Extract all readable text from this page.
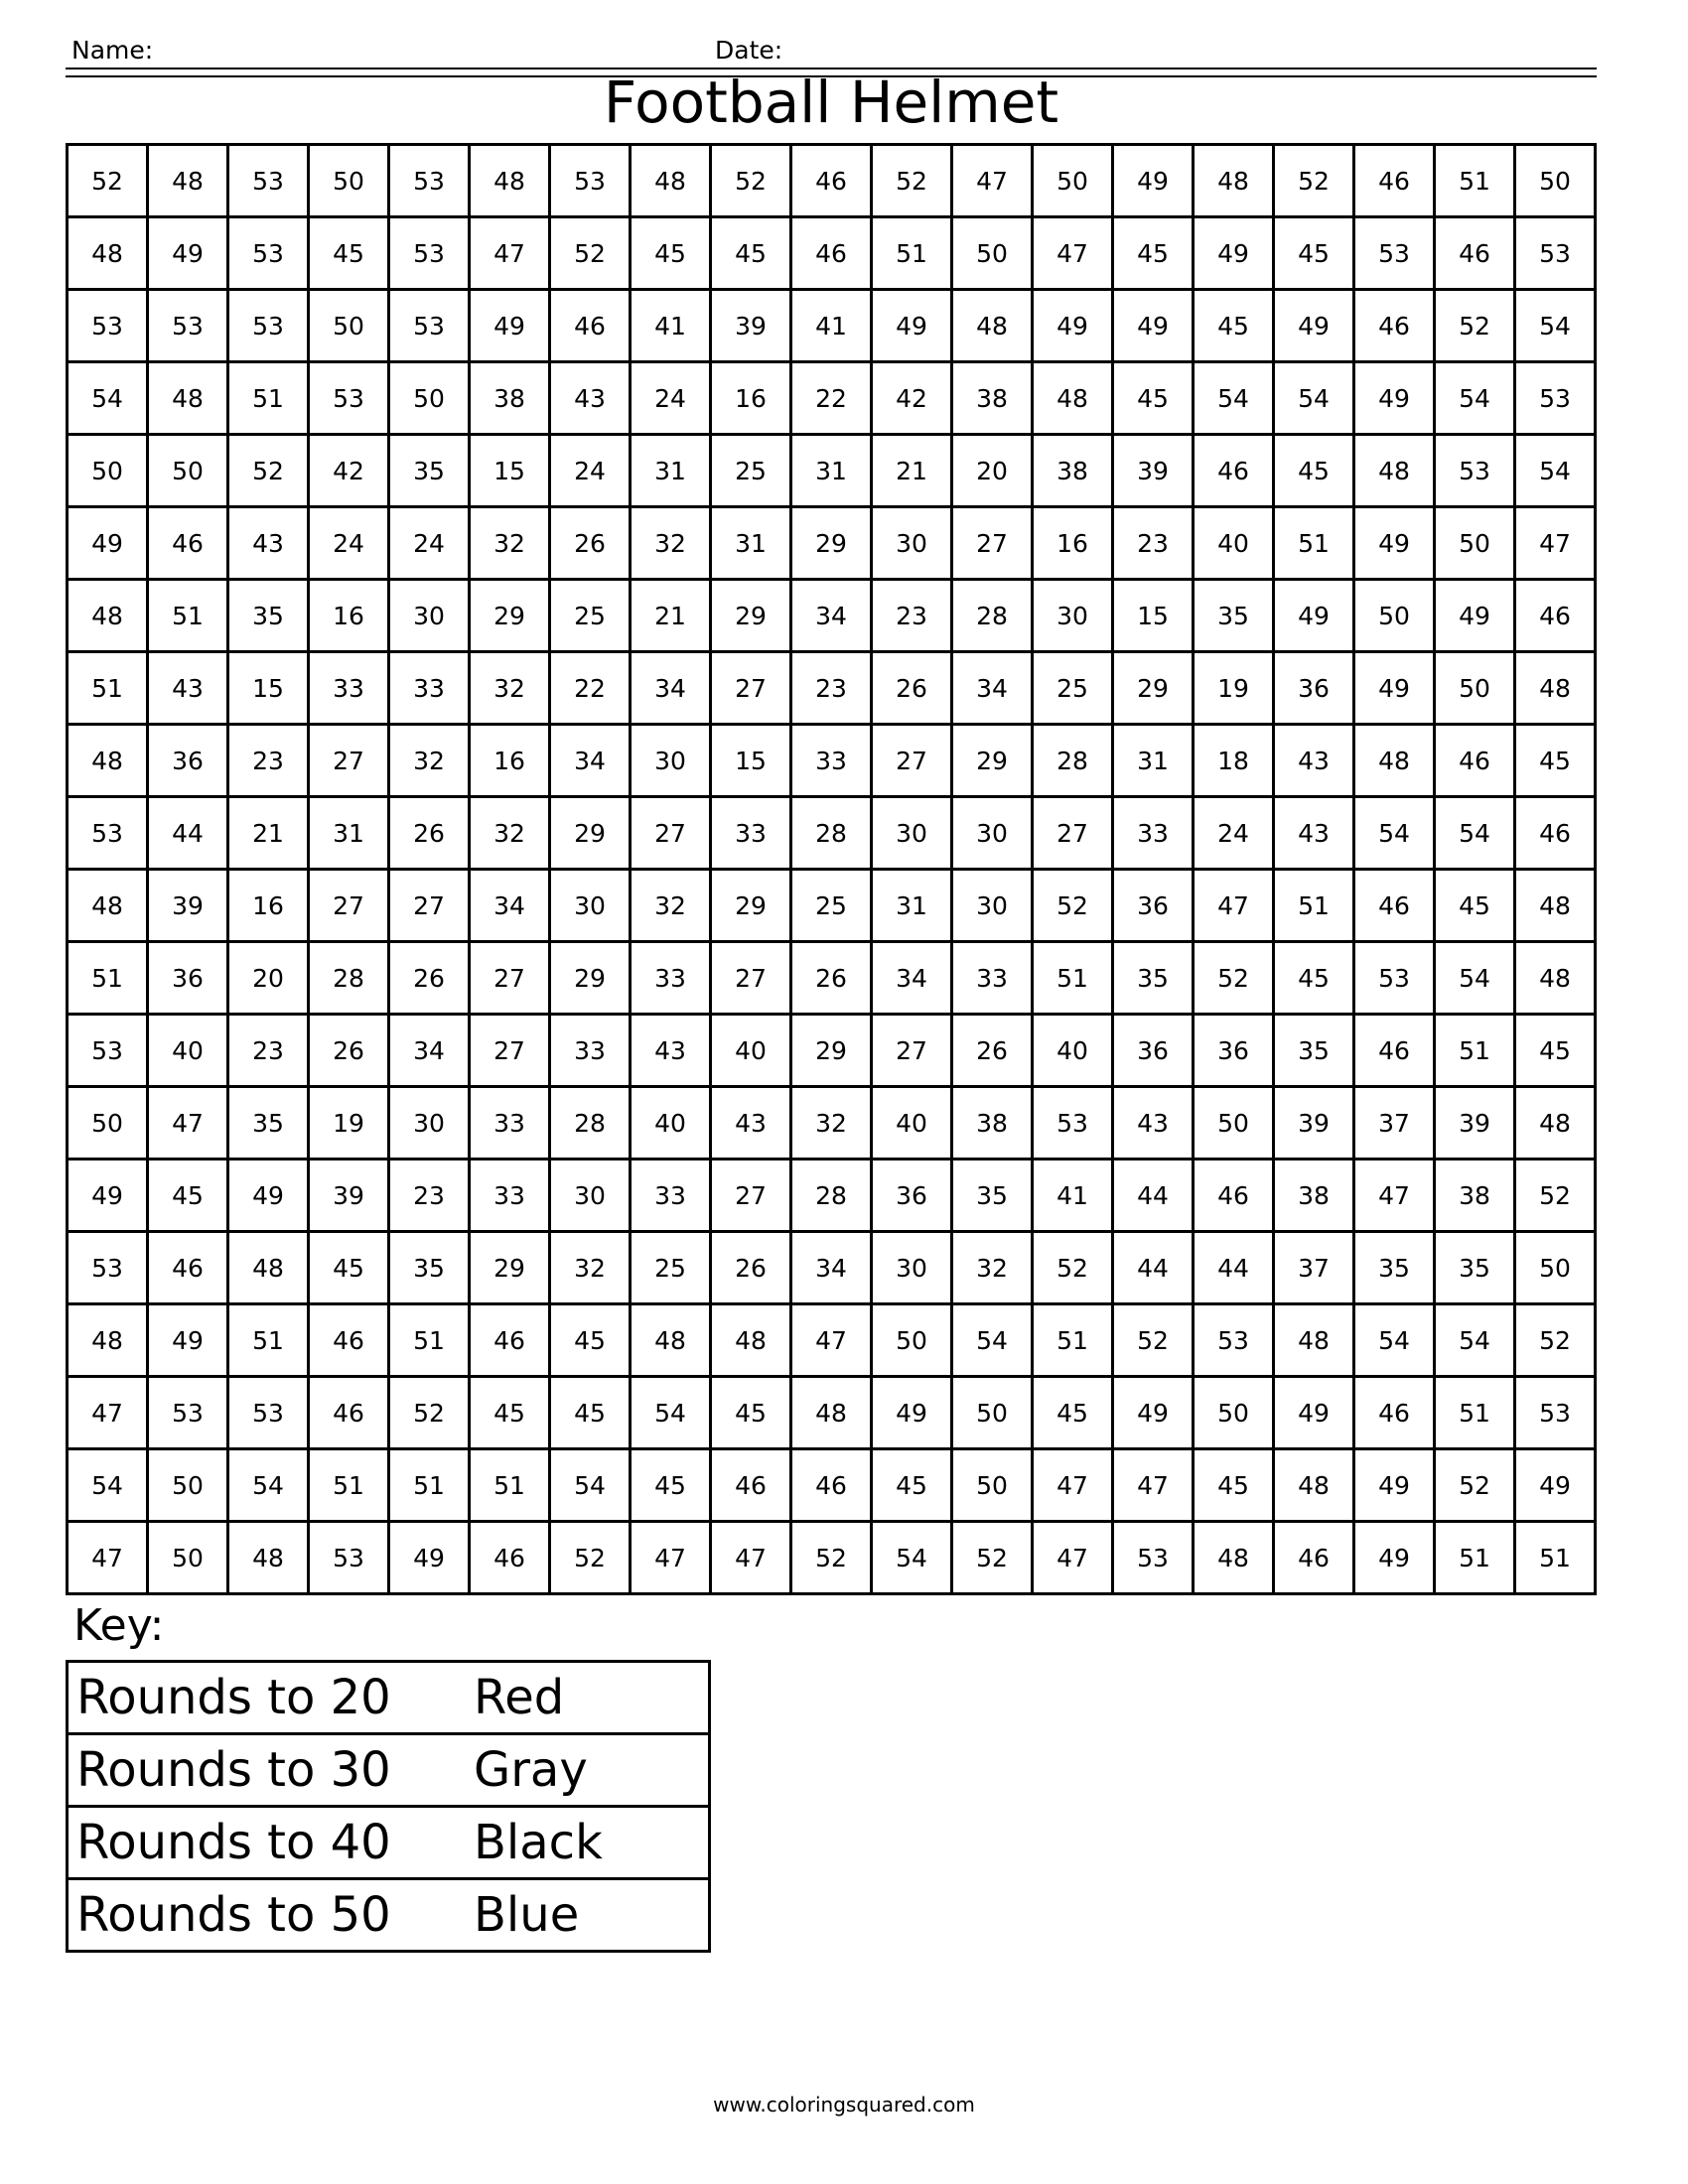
Name:	Date:
Football Helmet
52	48	53	50	53	48	53	48	52	46	52	47	50	49	48	52	46	51	50
48	49	53	45	53	47	52	45	45	46	51	50	47	45	49	45	53	46	53
53	53	53	50	53	49	46	41	39	41	49	48	49	49	45	49	46	52	54
54	48	51	53	50	38	43	24	16	22	42	38	48	45	54	54	49	54	53
50	50	52	42	35	15	24	31	25	31	21	20	38	39	46	45	48	53	54
49	46	43	24	24	32	26	32	31	29	30	27	16	23	40	51	49	50	47
48	51	35	16	30	29	25	21	29	34	23	28	30	15	35	49	50	49	46
51	43	15	33	33	32	22	34	27	23	26	34	25	29	19	36	49	50	48
48	36	23	27	32	16	34	30	15	33	27	29	28	31	18	43	48	46	45
53	44	21	31	26	32	29	27	33	28	30	30	27	33	24	43	54	54	46
48	39	16	27	27	34	30	32	29	25	31	30	52	36	47	51	46	45	48
51	36	20	28	26	27	29	33	27	26	34	33	51	35	52	45	53	54	48
53	40	23	26	34	27	33	43	40	29	27	26	40	36	36	35	46	51	45
50	47	35	19	30	33	28	40	43	32	40	38	53	43	50	39	37	39	48
49	45	49	39	23	33	30	33	27	28	36	35	41	44	46	38	47	38	52
53	46	48	45	35	29	32	25	26	34	30	32	52	44	44	37	35	35	50
48	49	51	46	51	46	45	48	48	47	50	54	51	52	53	48	54	54	52
47	53	53	46	52	45	45	54	45	48	49	50	45	49	50	49	46	51	53
54	50	54	51	51	51	54	45	46	46	45	50	47	47	45	48	49	52	49
47	50	48	53	49	46	52	47	47	52	54	52	47	53	48	46	49	51	51
Key:
Rounds to 20	Red
Rounds to 30	Gray
Rounds to 40	Black
Rounds to 50	Blue
www.coloringsquared.com
